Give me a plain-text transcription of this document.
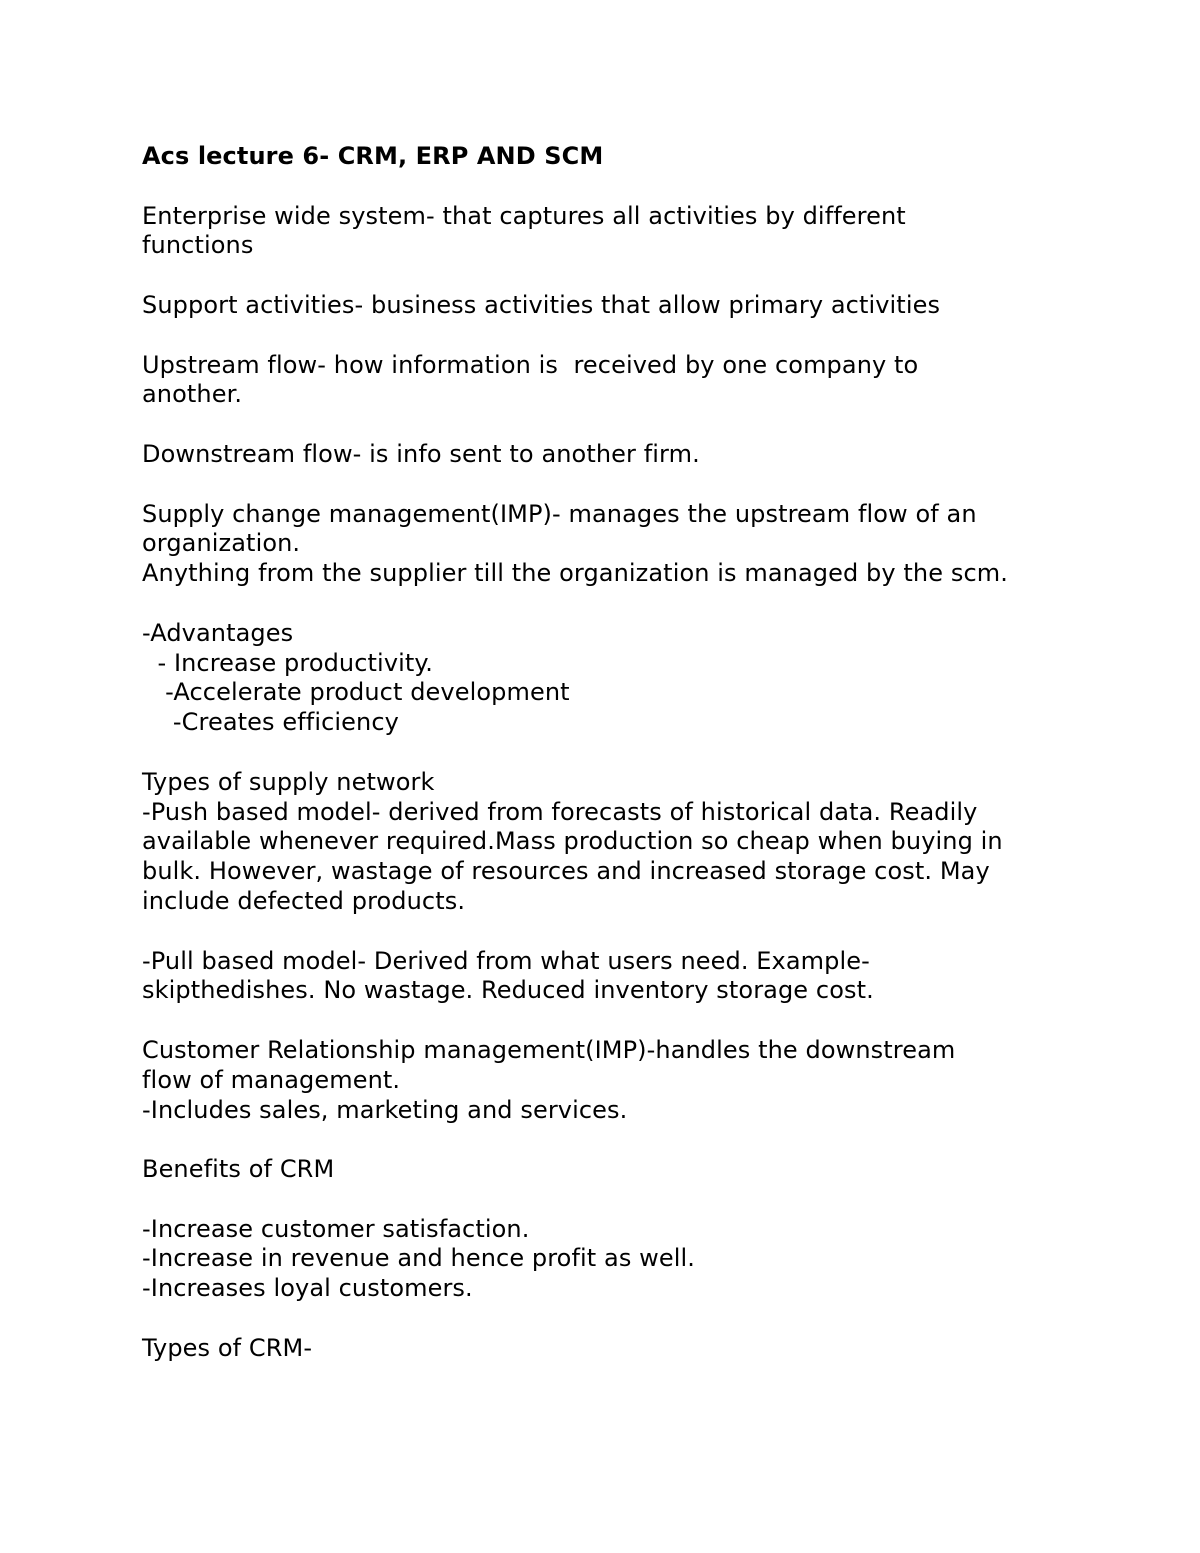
Acs lecture 6- CRM, ERP AND SCM
Enterprise wide system- that captures all activities by different
functions
Support activities- business activities that allow primary activities
Upstream flow- how information is  received by one company to
another.
Downstream flow- is info sent to another firm.
Supply change management(IMP)- manages the upstream flow of an
organization.
Anything from the supplier till the organization is managed by the scm.
-Advantages
- Increase productivity.
-Accelerate product development
-Creates efficiency
Types of supply network
-Push based model- derived from forecasts of historical data. Readily
available whenever required.Mass production so cheap when buying in
bulk. However, wastage of resources and increased storage cost. May
include defected products.
-Pull based model- Derived from what users need. Example-
skipthedishes. No wastage. Reduced inventory storage cost.
Customer Relationship management(IMP)-handles the downstream
flow of management.
-Includes sales, marketing and services.
Benefits of CRM
-Increase customer satisfaction.
-Increase in revenue and hence profit as well.
-Increases loyal customers.
Types of CRM-
